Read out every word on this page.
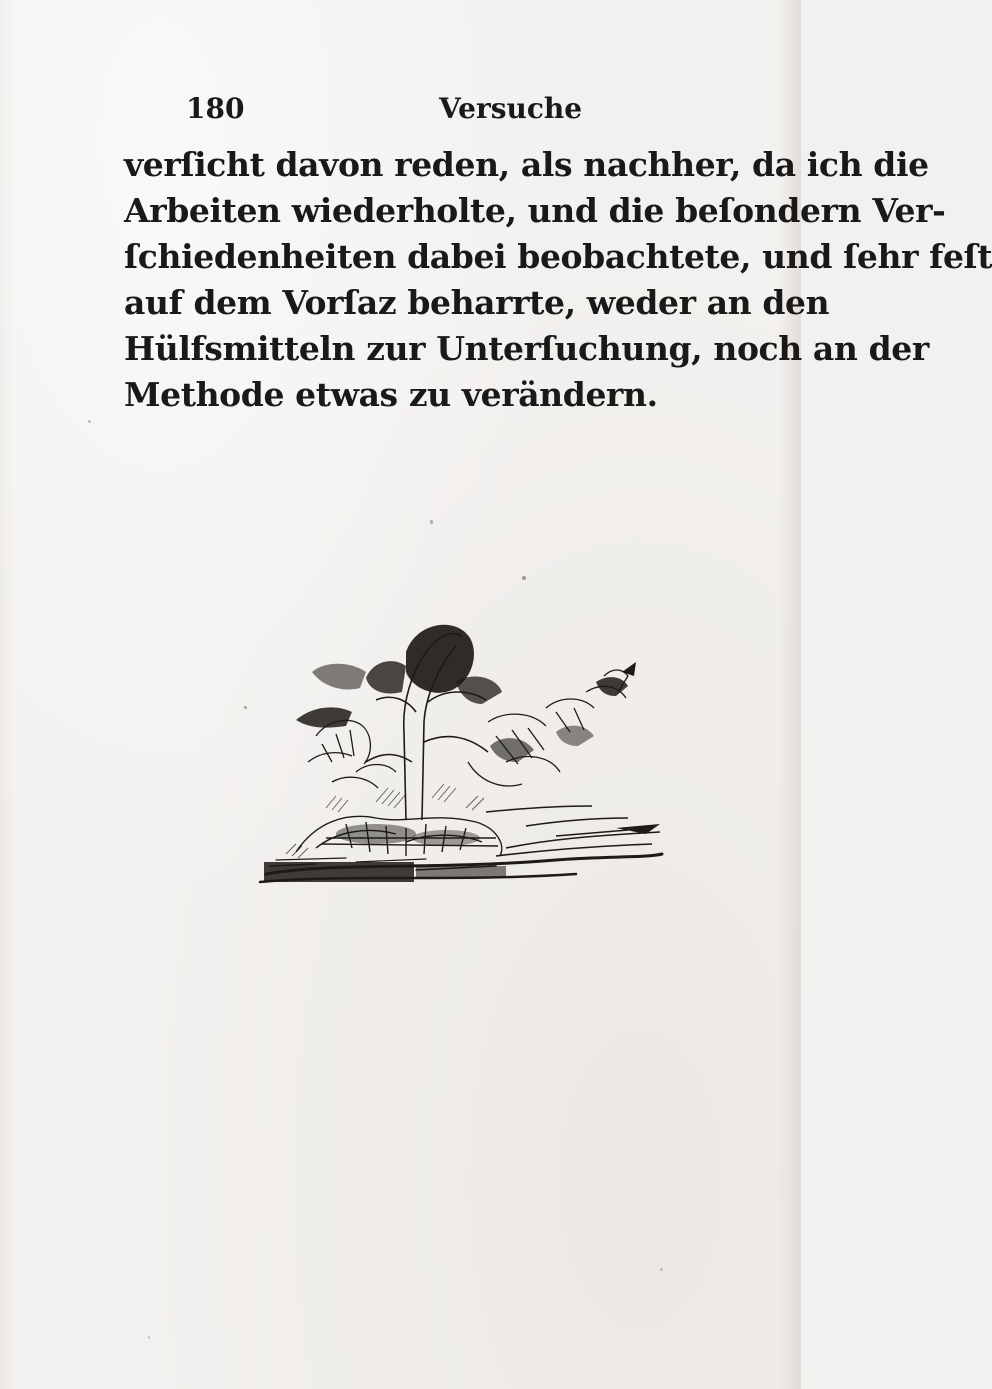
180	Versuche
verſicht davon reden, als nachher, da ich die
Arbeiten wiederholte, und die beſondern Ver-
ſchiedenheiten dabei beobachtete, und ſehr feſt
auf dem Vorſaz beharrte, weder an den
Hülfsmitteln zur Unterſuchung, noch an der
Methode etwas zu verändern.
